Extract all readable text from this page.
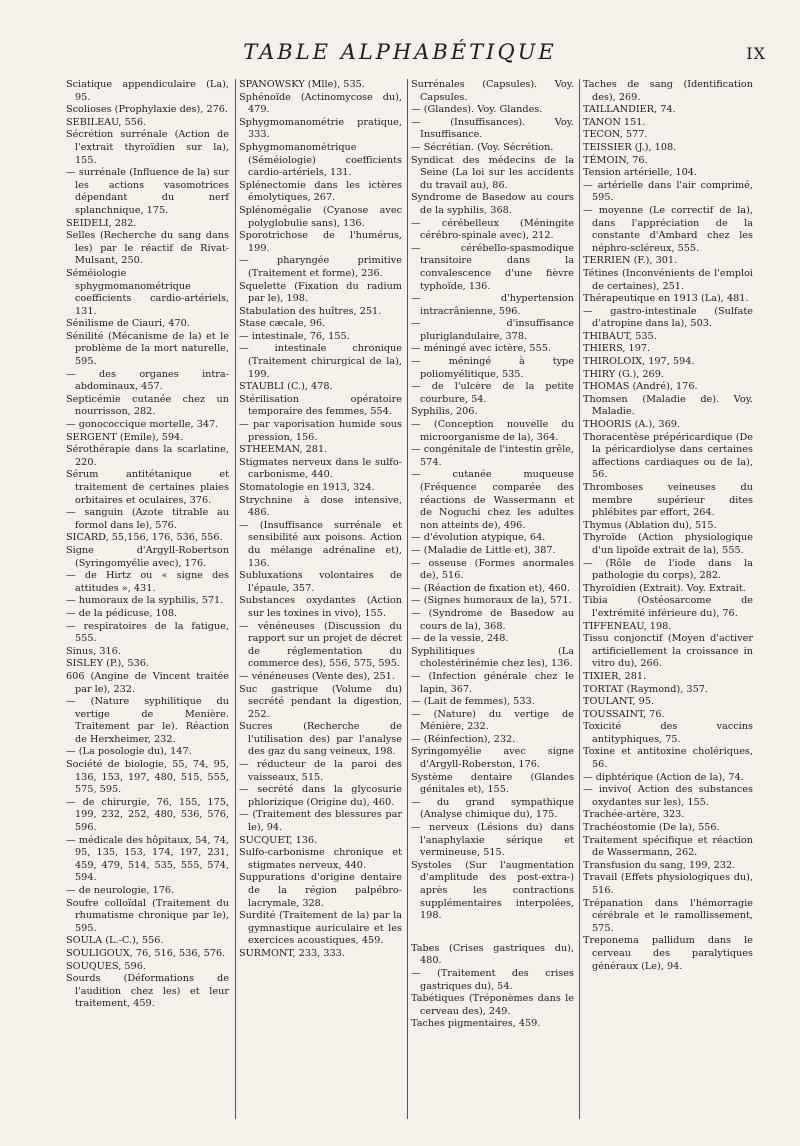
TABLE ALPHABÉTIQUE	IX

Sciatique appendiculaire (La), 95.

Scolioses (Prophylaxie des), 276.

SEBILEAU, 556.

Sécrétion surrénale (Action de l'extrait thyroïdien sur la), 155.

— surrénale (Influence de la) sur les actions vasomotrices dépendant du nerf splanchnique, 175.

SEIDELI, 282.

Selles (Recherche du sang dans les) par le réactif de Rivat-Mulsant, 250.

Séméiologie sphygmomanométrique coefficients cardio-artériels, 131.

Sénilisme de Ciauri, 470.

Sénilité (Mécanisme de la) et le problème de la mort naturelle, 595.

— des organes intra-abdominaux, 457.

Septicémie cutanée chez un nourrisson, 282.

— gonococcique mortelle, 347.

SERGENT (Emile), 594.

Sérothérapie dans la scarlatine, 220.

Sérum antitétanique et traitement de certaines plaies orbitaires et oculaires, 376.

— sanguin (Azote titrable au formol dans le), 576.

SICARD, 55,156, 176, 536, 556.

Signe d'Argyll-Robertson (Syringomyélie avec), 176.

— de Hirtz ou « signe des attitudes », 431.

— humoraux de la syphilis, 571.

— de la pédicuse, 108.

— respiratoires de la fatigue, 555.

Sinus, 316.

SISLEY (P.), 536.

606 (Angine de Vincent traitée par le), 232.

— (Nature syphilitique du vertige de Menière. Traitement par le). Réaction de Herxheimer, 232.

— (La posologie du), 147.

Société de biologie, 55, 74, 95, 136, 153, 197, 480, 515, 555, 575, 595.

— de chirurgie, 76, 155, 175, 199, 232, 252, 480, 536, 576, 596.

— médicale des hôpitaux, 54, 74, 95, 135, 153, 174, 197, 231, 459, 479, 514, 535, 555, 574, 594.

— de neurologie, 176.

Soufre colloïdal (Traitement du rhumatisme chronique par le), 595.

SOULA (L.-C.), 556.

SOULIGOUX, 76, 516, 536, 576.

SOUQUES, 596.

Sourds (Déformations de l'audition chez les) et leur traitement, 459.

SPANOWSKY (Mlle), 535.

Sphénoïde (Actinomycose du), 479.

Sphygmomanométrie pratique, 333.

Sphygmomanométrique (Séméiologie) coefficients cardio-artériels, 131.

Splénectomie dans les ictères émolytiques, 267.

Splénomégalie (Cyanose avec polyglobulie sans), 136.

Sporotrichose de l'humérus, 199.

— pharyngée primitive (Traitement et forme), 236.

Squelette (Fixation du radium par le), 198.

Stabulation des huîtres, 251.

Stase cæcale, 96.

— intestinale, 76, 155.

— intestinale chronique (Traitement chirurgical de la), 199.

STAUBLI (C.), 478.

Stérilisation opératoire temporaire des femmes, 554.

— par vaporisation humide sous pression, 156.

STHEEMAN, 281.

Stigmates nerveux dans le sulfo-carbonisme, 440.

Stomatologie en 1913, 324.

Strychnine à dose intensive, 486.

— (Insuffisance surrénale et sensibilité aux poisons. Action du mélange adrénaline et), 136.

Subluxations volontaires de l'épaule, 357.

Substances oxydantes (Action sur les toxines in vivo), 155.

— vénéneuses (Discussion du rapport sur un projet de décret de réglementation du commerce des), 556, 575, 595.

— vénéneuses (Vente des), 251.

Suc gastrique (Volume du) secrété pendant la digestion, 252.

Sucres (Recherche de l'utilisation des) par l'analyse des gaz du sang veineux, 198.

— réducteur de la paroi des vaisseaux, 515.

— secrété dans la glycosurie phlorizique (Origine du), 460.

— (Traitement des blessures par le), 94.

SUCQUET, 136.

Sulfo-carbonisme chronique et stigmates nerveux, 440.

Suppurations d'origine dentaire de la région palpébro-lacrymale, 328.

Surdité (Traitement de la) par la gymnastique auriculaire et les exercices acoustiques, 459.

SURMONT, 233, 333.

Surrénales (Capsules). Voy. Capsules.

— (Glandes). Voy. Glandes.

— (Insuffisances). Voy. Insuffisance.

— Sécrétian. (Voy. Sécrétion.

Syndicat des médecins de la Seine (La loi sur les accidents du travail au), 86.

Syndrome de Basedow au cours de la syphilis, 368.

— cérébelleux (Méningite cérébro-spinale avec), 212.

— cérébello-spasmodique transitoire dans la convalescence d'une fièvre typhoïde, 136.

— d'hypertension intracrânienne, 596.

— d'insuffisance pluriglandulaire, 378.

— méningé avec ictère, 555.

— méningé à type poliomyélitique, 535.

— de l'ulcère de la petite courbure, 54.

Syphilis, 206.

— (Conception nouvelle du microorganisme de la), 364.

— congénitale de l'intestin grêle, 574.

— cutanée muqueuse (Fréquence comparée des réactions de Wassermann et de Noguchi chez les adultes non atteints de), 496.

— d'évolution atypique, 64.

— (Maladie de Little et), 387.

— osseuse (Formes anormales de), 516.

— (Réaction de fixation et), 460.

— (Signes humoraux de la), 571.

— (Syndrome de Basedow au cours de la), 368.

— de la vessie, 248.

Syphilitiques (La cholestérinémie chez les), 136.

— (Infection générale chez le lapin, 367.

— (Lait de femmes), 533.

— (Nature) du vertige de Ménière, 232.

— (Réinfection), 232.

Syringomyélie avec signe d'Argyll-Roberston, 176.

Système dentaire (Glandes génitales et), 155.

— du grand sympathique (Analyse chimique du), 175.

— nerveux (Lésions du) dans l'anaphylaxie sérique et vermineuse, 515.

Systoles (Sur l'augmentation d'amplitude des post-extra-) après les contractions supplémentaires interpolées, 198.

Tabes (Crises gastriques du), 480.

— (Traitement des crises gastriques du), 54.

Tabétiques (Tréponèmes dans le cerveau des), 249.

Taches pigmentaires, 459.

Taches de sang (Identification des), 269.

TAILLANDIER, 74.

TANON 151.

TECON, 577.

TEISSIER (J.), 108.

TÉMOIN, 76.

Tension artérielle, 104.

— artérielle dans l'air comprimé, 595.

— moyenne (Le correctif de la), dans l'appréciation de la constante d'Ambard chez les néphro-scléreux, 555.

TERRIEN (F.), 301.

Tétines (Inconvénients de l'emploi de certaines), 251.

Thérapeutique en 1913 (La), 481.

— gastro-intestinale (Sulfate d'atropine dans la), 503.

THIBAUT, 535.

THIERS, 197.

THIROLOIX, 197, 594.

THIRY (G.), 269.

THOMAS (André), 176.

Thomsen (Maladie de). Voy. Maladie.

THOORIS (A.), 369.

Thoracentèse prépéricardique (De la péricardiolyse dans certaines affections cardiaques ou de la), 56.

Thromboses veineuses du membre supérieur dites phlébites par effort, 264.

Thymus (Ablation du), 515.

Thyroïde (Action physiologique d'un lipoïde extrait de la), 555.

— (Rôle de l'iode dans la pathologie du corps), 282.

Thyroïdien (Extrait). Voy. Extrait.

Tibia (Ostéosarcome de l'extrémité inférieure du), 76.

TIFFENEAU, 198.

Tissu conjonctif (Moyen d'activer artificiellement la croissance in vitro du), 266.

TIXIER, 281.

TORTAT (Raymond), 357.

TOULANT, 95.

TOUSSAINT, 76.

Toxicité des vaccins antityphiques, 75.

Toxine et antitoxine cholériques, 56.

— diphtérique (Action de la), 74.

— invivo( Action des substances oxydantes sur les), 155.

Trachée-artère, 323.

Trachéostomie (De la), 556.

Traitement spécifique et réaction de Wassermann, 262.

Transfusion du sang, 199, 232.

Travail (Effets physiologiques du), 516.

Trépanation dans l'hémorragie cérébrale et le ramollissement, 575.

Treponema pallidum dans le cerveau des paralytiques généraux (Le), 94.
